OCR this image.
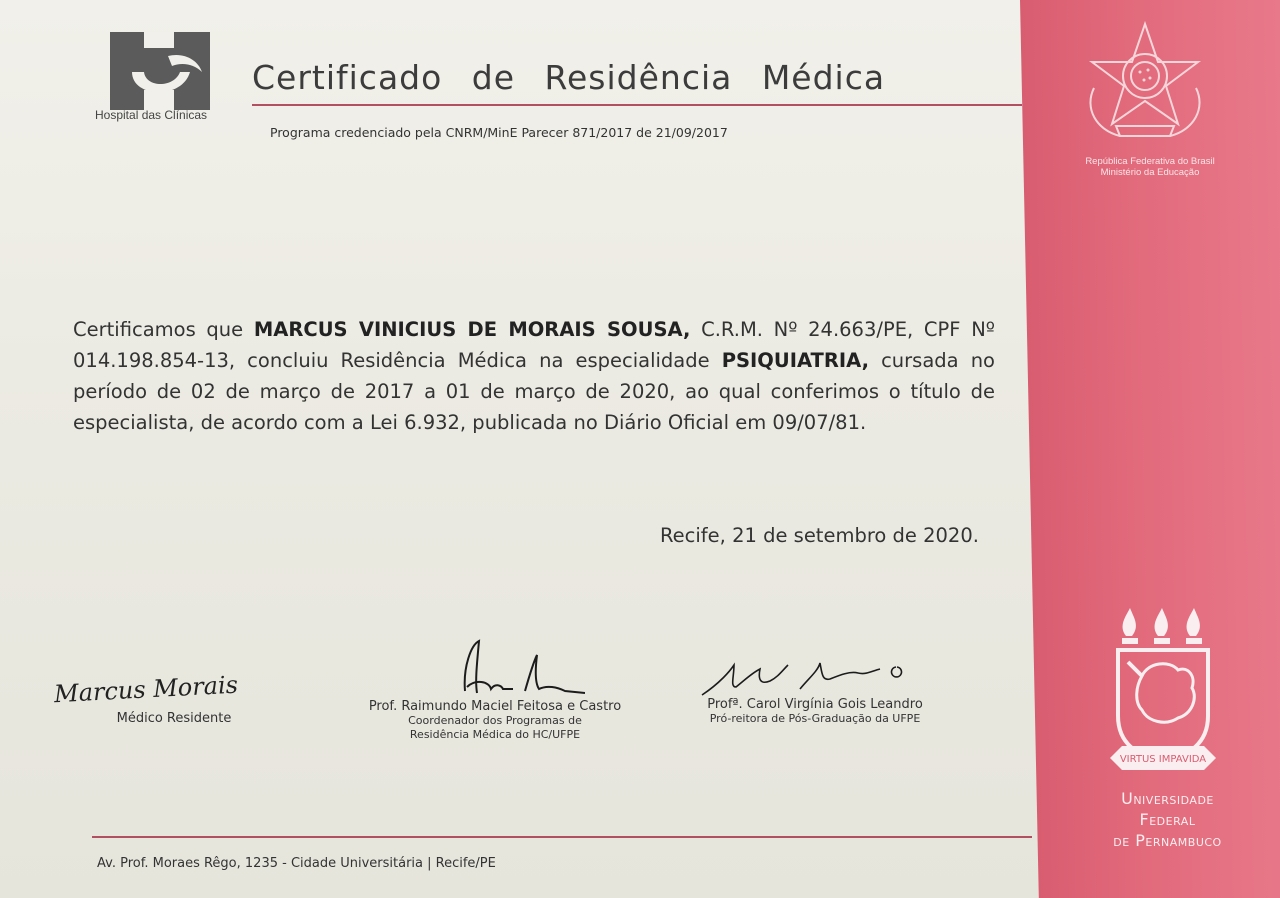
Hospital das Clínicas
Certificado de Residência Médica
Programa credenciado pela CNRM/MinE Parecer 871/2017 de 21/09/2017
Certificamos que MARCUS VINICIUS DE MORAIS SOUSA, C.R.M. Nº 24.663/PE, CPF Nº 014.198.854-13, concluiu Residência Médica na especialidade PSIQUIATRIA, cursada no período de 02 de março de 2017 a 01 de março de 2020, ao qual conferimos o título de especialista, de acordo com a Lei 6.932, publicada no Diário Oficial em 09/07/81.
Recife, 21 de setembro de 2020.
Marcus Morais
Médico Residente
Prof. Raimundo Maciel Feitosa e Castro
Coordenador dos Programas de
Residência Médica do HC/UFPE
Profª. Carol Virgínia Gois Leandro
Pró-reitora de Pós-Graduação da UFPE
Av. Prof. Moraes Rêgo, 1235 - Cidade Universitária | Recife/PE
República Federativa do Brasil
Ministério da Educação
VIRTUS IMPAVIDA
Universidade
Federal
de Pernambuco
